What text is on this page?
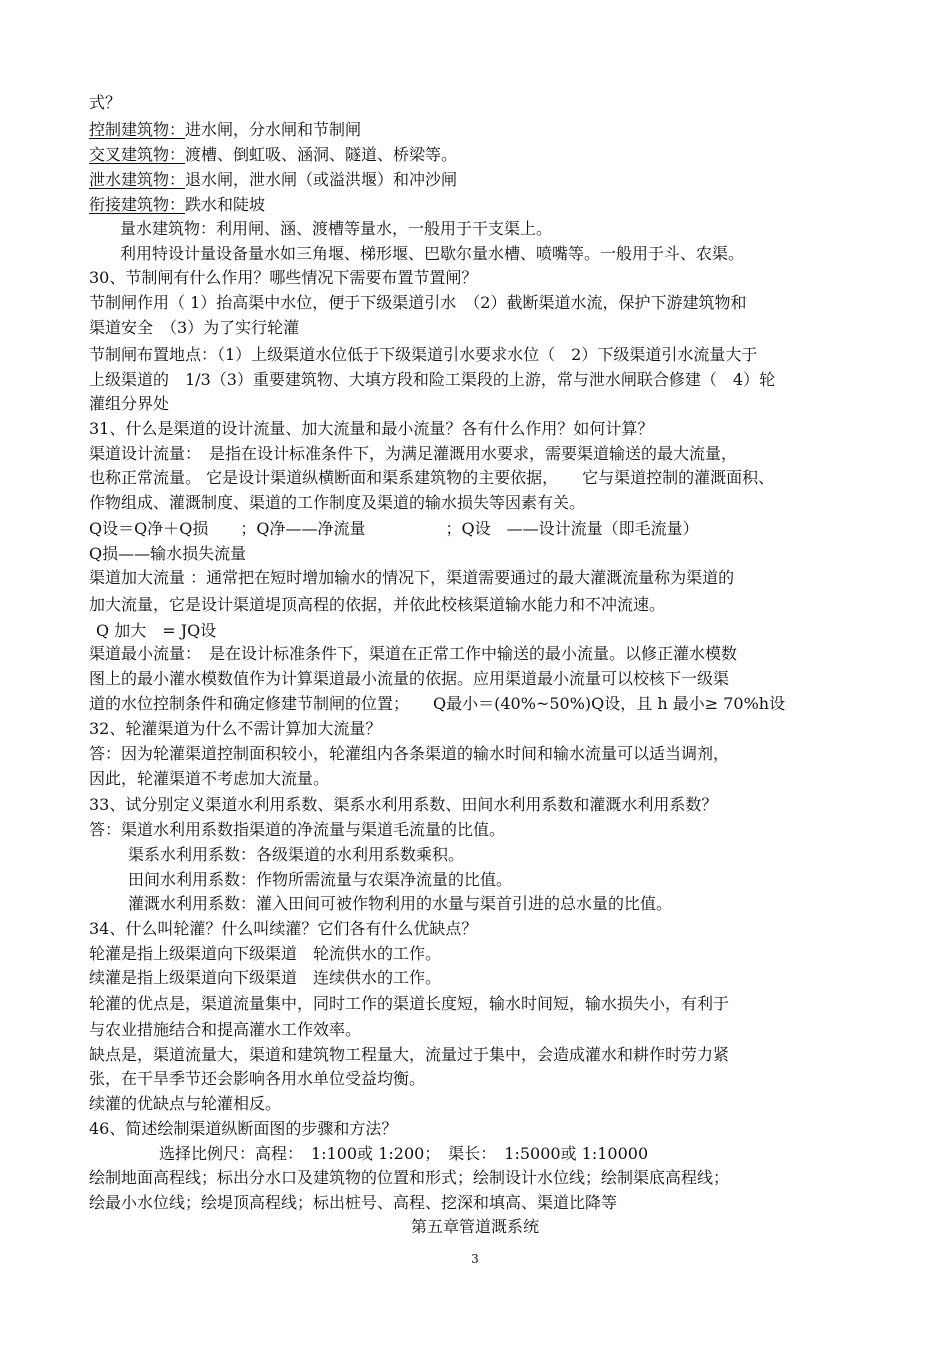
式？
控制建筑物：进水闸，分水闸和节制闸
交叉建筑物：渡槽、倒虹吸、涵洞、隧道、桥梁等。
泄水建筑物：退水闸，泄水闸（或溢洪堰）和冲沙闸
衔接建筑物：跌水和陡坡
量水建筑物：利用闸、涵、渡槽等量水，一般用于干支渠上。
利用特设计量设备量水如三角堰、梯形堰、巴歇尔量水槽、喷嘴等。一般用于斗、农渠。
30、节制闸有什么作用？哪些情况下需要布置节置闸？
节制闸作用（ 1）抬高渠中水位，便于下级渠道引水　（2）截断渠道水流，保护下游建筑物和
渠道安全　（3）为了实行轮灌
节制闸布置地点：（1）上级渠道水位低于下级渠道引水要求水位（　2）下级渠道引水流量大于
上级渠道的　1/3（3）重要建筑物、大填方段和险工渠段的上游，常与泄水闸联合修建（　4）轮
灌组分界处
31、什么是渠道的设计流量、加大流量和最小流量？各有什么作用？如何计算？
渠道设计流量：　是指在设计标准条件下，为满足灌溉用水要求，需要渠道输送的最大流量，
也称正常流量。 它是设计渠道纵横断面和渠系建筑物的主要依据，　　它与渠道控制的灌溉面积、
作物组成、灌溉制度、渠道的工作制度及渠道的输水损失等因素有关。
Q设＝Q净＋Q损　　；Q净——净流量　　　　　；Q设　——设计流量（即毛流量）
Q损——输水损失流量
渠道加大流量 ：通常把在短时增加输水的情况下，渠道需要通过的最大灌溉流量称为渠道的
加大流量，它是设计渠道堤顶高程的依据，并依此校核渠道输水能力和不冲流速。
Q 加大　= JQ设
渠道最小流量：　是在设计标准条件下，渠道在正常工作中输送的最小流量。以修正灌水模数
图上的最小灌水模数值作为计算渠道最小流量的依据。应用渠道最小流量可以校核下一级渠
道的水位控制条件和确定修建节制闸的位置；　　Q最小＝(40%~50%)Q设，且 h 最小≥ 70%h设
32、轮灌渠道为什么不需计算加大流量？
答：因为轮灌渠道控制面积较小，轮灌组内各条渠道的输水时间和输水流量可以适当调剂，
因此，轮灌渠道不考虑加大流量。
33、试分别定义渠道水利用系数、渠系水利用系数、田间水利用系数和灌溉水利用系数？
答：渠道水利用系数指渠道的净流量与渠道毛流量的比值。
渠系水利用系数：各级渠道的水利用系数乘积。
田间水利用系数：作物所需流量与农渠净流量的比值。
灌溉水利用系数：灌入田间可被作物利用的水量与渠首引进的总水量的比值。
34、什么叫轮灌？什么叫续灌？它们各有什么优缺点？
轮灌是指上级渠道向下级渠道　轮流供水的工作。
续灌是指上级渠道向下级渠道　连续供水的工作。
轮灌的优点是，渠道流量集中，同时工作的渠道长度短，输水时间短，输水损失小，有利于
与农业措施结合和提高灌水工作效率。
缺点是，渠道流量大，渠道和建筑物工程量大，流量过于集中，会造成灌水和耕作时劳力紧
张，在干旱季节还会影响各用水单位受益均衡。
续灌的优缺点与轮灌相反。
46、简述绘制渠道纵断面图的步骤和方法？
选择比例尺：高程：　1:100或 1:200；　渠长：　1:5000或 1:10000
绘制地面高程线；标出分水口及建筑物的位置和形式；绘制设计水位线；绘制渠底高程线；
绘最小水位线；绘堤顶高程线；标出桩号、高程、挖深和填高、渠道比降等
第五章管道溉系统
3
